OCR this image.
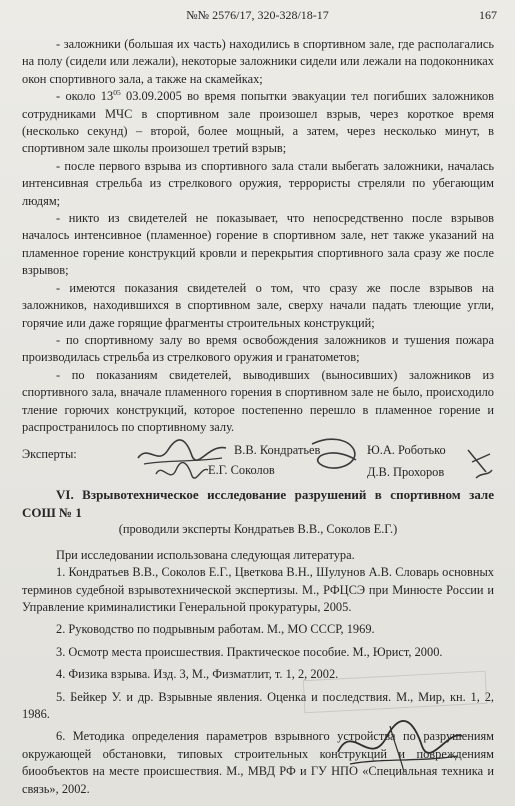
№№ 2576/17, 320-328/18-17	167

- заложники (большая их часть) находились в спортивном зале, где располагались на полу (сидели или лежали), некоторые заложники сидели или лежали на подоконниках окон спортивного зала, а также на скамейках;

- около $13^{05}$ 03.09.2005 во время попытки эвакуации тел погибших заложников сотрудниками МЧС в спортивном зале произошел взрыв, через короткое время (несколько секунд) – второй, более мощный, а затем, через несколько минут, в спортивном зале школы произошел третий взрыв;

- после первого взрыва из спортивного зала стали выбегать заложники, началась интенсивная стрельба из стрелкового оружия, террористы стреляли по убегающим людям;

- никто из свидетелей не показывает, что непосредственно после взрывов началось интенсивное (пламенное) горение в спортивном зале, нет также указаний на пламенное горение конструкций кровли и перекрытия спортивного зала сразу же после взрывов;

- имеются показания свидетелей о том, что сразу же после взрывов на заложников, находившихся в спортивном зале, сверху начали падать тлеющие угли, горячие или даже горящие фрагменты строительных конструкций;

- по спортивному залу во время освобождения заложников и тушения пожара производилась стрельба из стрелкового оружия и гранатометов;

- по показаниям свидетелей, выводивших (выносивших) заложников из спортивного зала, вначале пламенного горения в спортивном зале не было, происходило тление горючих конструкций, которое постепенно перешло в пламенное горение и распространилось по спортивному залу.

Эксперты:	В.В. Кондратьев	Ю.А. Роботько
Е.Г. Соколов	Д.В. Прохоров

VI. Взрывотехническое исследование разрушений в спортивном зале СОШ № 1

(проводили эксперты Кондратьев В.В., Соколов Е.Г.)

При исследовании использована следующая литература.

1. Кондратьев В.В., Соколов Е.Г., Цветкова В.Н., Шулунов А.В. Словарь основных терминов судебной взрывотехнической экспертизы. М., РФЦСЭ при Минюсте России и Управление криминалистики Генеральной прокуратуры, 2005.

2. Руководство по подрывным работам. М., МО СССР, 1969.

3. Осмотр места происшествия. Практическое пособие. М., Юрист, 2000.

4. Физика взрыва. Изд. 3, М., Физматлит, т. 1, 2, 2002.

5. Бейкер У. и др. Взрывные явления. Оценка и последствия. М., Мир, кн. 1, 2, 1986.

6. Методика определения параметров взрывного устройства по разрушениям окружающей обстановки, типовых строительных конструкций и повреждениям биообъектов на месте происшествия. М., МВД РФ и ГУ НПО «Специальная техника и связь», 2002.
